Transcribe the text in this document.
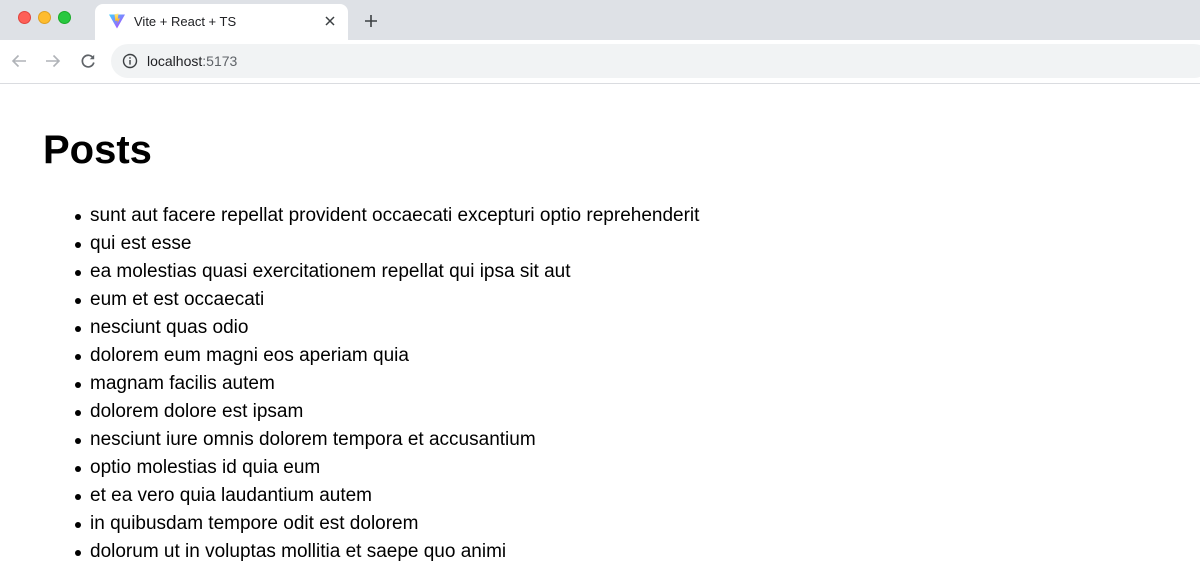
Vite + React + TS
localhost:5173
Posts
sunt aut facere repellat provident occaecati excepturi optio reprehenderit
qui est esse
ea molestias quasi exercitationem repellat qui ipsa sit aut
eum et est occaecati
nesciunt quas odio
dolorem eum magni eos aperiam quia
magnam facilis autem
dolorem dolore est ipsam
nesciunt iure omnis dolorem tempora et accusantium
optio molestias id quia eum
et ea vero quia laudantium autem
in quibusdam tempore odit est dolorem
dolorum ut in voluptas mollitia et saepe quo animi
